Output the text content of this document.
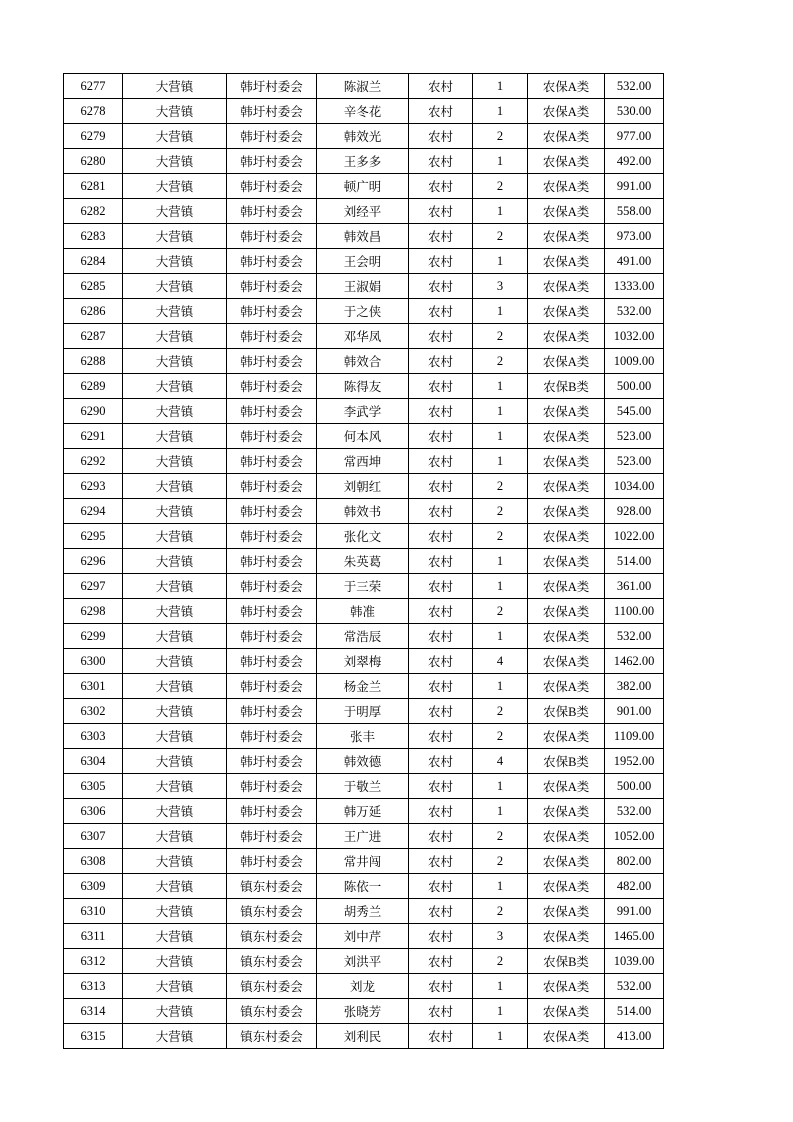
6277	大营镇	韩圩村委会	陈淑兰	农村	1	农保A类	532.00
6278	大营镇	韩圩村委会	辛冬花	农村	1	农保A类	530.00
6279	大营镇	韩圩村委会	韩效光	农村	2	农保A类	977.00
6280	大营镇	韩圩村委会	王多多	农村	1	农保A类	492.00
6281	大营镇	韩圩村委会	顿广明	农村	2	农保A类	991.00
6282	大营镇	韩圩村委会	刘经平	农村	1	农保A类	558.00
6283	大营镇	韩圩村委会	韩效昌	农村	2	农保A类	973.00
6284	大营镇	韩圩村委会	王会明	农村	1	农保A类	491.00
6285	大营镇	韩圩村委会	王淑娟	农村	3	农保A类	1333.00
6286	大营镇	韩圩村委会	于之侠	农村	1	农保A类	532.00
6287	大营镇	韩圩村委会	邓华凤	农村	2	农保A类	1032.00
6288	大营镇	韩圩村委会	韩效合	农村	2	农保A类	1009.00
6289	大营镇	韩圩村委会	陈得友	农村	1	农保B类	500.00
6290	大营镇	韩圩村委会	李武学	农村	1	农保A类	545.00
6291	大营镇	韩圩村委会	何本风	农村	1	农保A类	523.00
6292	大营镇	韩圩村委会	常西坤	农村	1	农保A类	523.00
6293	大营镇	韩圩村委会	刘朝红	农村	2	农保A类	1034.00
6294	大营镇	韩圩村委会	韩效书	农村	2	农保A类	928.00
6295	大营镇	韩圩村委会	张化文	农村	2	农保A类	1022.00
6296	大营镇	韩圩村委会	朱英葛	农村	1	农保A类	514.00
6297	大营镇	韩圩村委会	于三荣	农村	1	农保A类	361.00
6298	大营镇	韩圩村委会	韩准	农村	2	农保A类	1100.00
6299	大营镇	韩圩村委会	常浩辰	农村	1	农保A类	532.00
6300	大营镇	韩圩村委会	刘翠梅	农村	4	农保A类	1462.00
6301	大营镇	韩圩村委会	杨金兰	农村	1	农保A类	382.00
6302	大营镇	韩圩村委会	于明厚	农村	2	农保B类	901.00
6303	大营镇	韩圩村委会	张丰	农村	2	农保A类	1109.00
6304	大营镇	韩圩村委会	韩效德	农村	4	农保B类	1952.00
6305	大营镇	韩圩村委会	于敬兰	农村	1	农保A类	500.00
6306	大营镇	韩圩村委会	韩万延	农村	1	农保A类	532.00
6307	大营镇	韩圩村委会	王广进	农村	2	农保A类	1052.00
6308	大营镇	韩圩村委会	常井闯	农村	2	农保A类	802.00
6309	大营镇	镇东村委会	陈依一	农村	1	农保A类	482.00
6310	大营镇	镇东村委会	胡秀兰	农村	2	农保A类	991.00
6311	大营镇	镇东村委会	刘中芹	农村	3	农保A类	1465.00
6312	大营镇	镇东村委会	刘洪平	农村	2	农保B类	1039.00
6313	大营镇	镇东村委会	刘龙	农村	1	农保A类	532.00
6314	大营镇	镇东村委会	张晓芳	农村	1	农保A类	514.00
6315	大营镇	镇东村委会	刘利民	农村	1	农保A类	413.00
